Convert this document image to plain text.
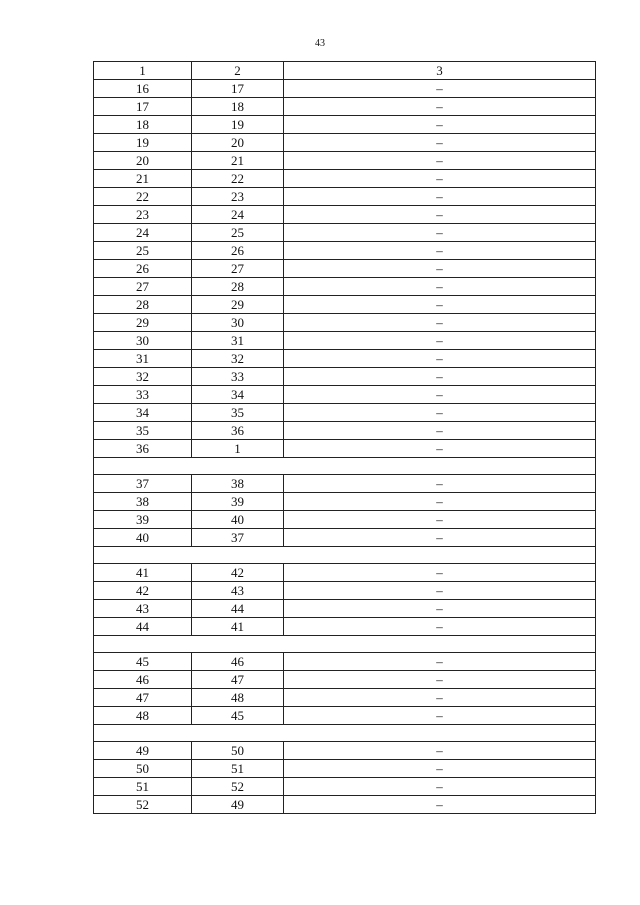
43
1	2	3
16	17	–
17	18	–
18	19	–
19	20	–
20	21	–
21	22	–
22	23	–
23	24	–
24	25	–
25	26	–
26	27	–
27	28	–
28	29	–
29	30	–
30	31	–
31	32	–
32	33	–
33	34	–
34	35	–
35	36	–
36	1	–

37	38	–
38	39	–
39	40	–
40	37	–

41	42	–
42	43	–
43	44	–
44	41	–

45	46	–
46	47	–
47	48	–
48	45	–

49	50	–
50	51	–
51	52	–
52	49	–
